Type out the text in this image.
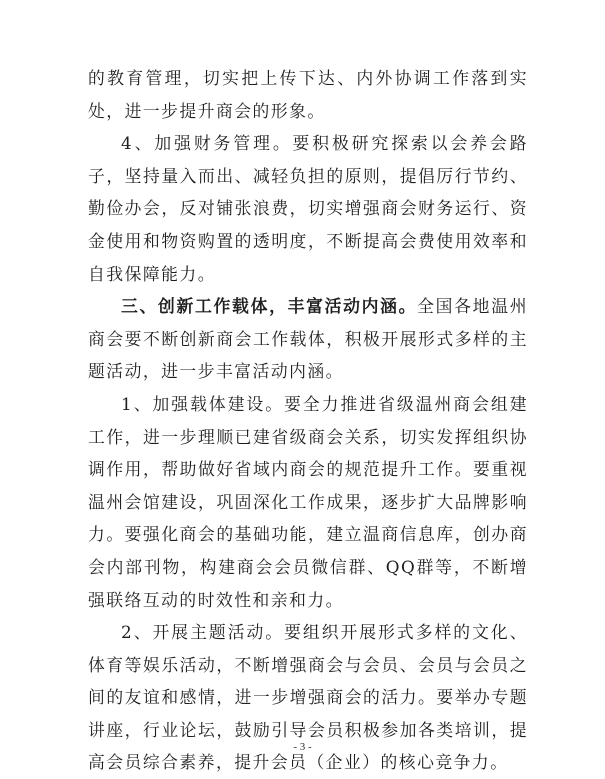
的教育管理，切实把上传下达、内外协调工作落到实处，进一步提升商会的形象。

4、加强财务管理。要积极研究探索以会养会路子，坚持量入而出、减轻负担的原则，提倡厉行节约、勤俭办会，反对铺张浪费，切实增强商会财务运行、资金使用和物资购置的透明度，不断提高会费使用效率和自我保障能力。

三、创新工作载体，丰富活动内涵。全国各地温州商会要不断创新商会工作载体，积极开展形式多样的主题活动，进一步丰富活动内涵。

1、加强载体建设。要全力推进省级温州商会组建工作，进一步理顺已建省级商会关系，切实发挥组织协调作用，帮助做好省域内商会的规范提升工作。要重视温州会馆建设，巩固深化工作成果，逐步扩大品牌影响力。要强化商会的基础功能，建立温商信息库，创办商会内部刊物，构建商会会员微信群、QQ群等，不断增强联络互动的时效性和亲和力。

2、开展主题活动。要组织开展形式多样的文化、体育等娱乐活动，不断增强商会与会员、会员与会员之间的友谊和感情，进一步增强商会的活力。要举办专题讲座，行业论坛，鼓励引导会员积极参加各类培训，提高会员综合素养，提升会员（企业）的核心竞争力。

- 3 -
